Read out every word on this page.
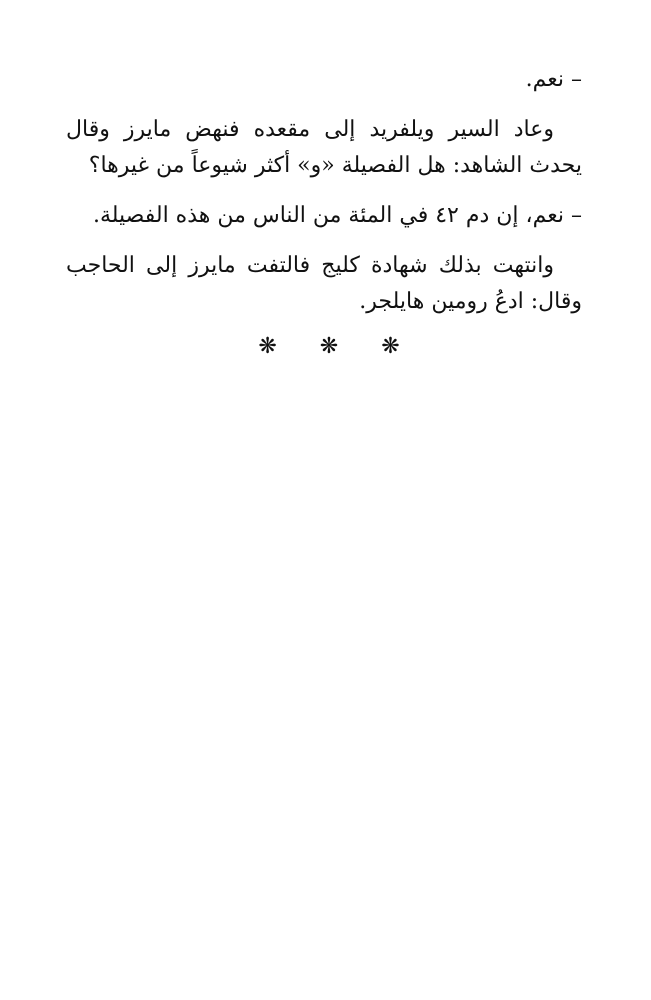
– نعم.

وعاد السير ويلفريد إلى مقعده فنهض مايرز وقال يحدث الشاهد: هل الفصيلة «و» أكثر شيوعاً من غيرها؟

– نعم، إن دم ٤٢ في المئة من الناس من هذه الفصيلة.

وانتهت بذلك شهادة كليج فالتفت مايرز إلى الحاجب وقال: ادعُ رومين هايلجر.

❋ ❋ ❋
